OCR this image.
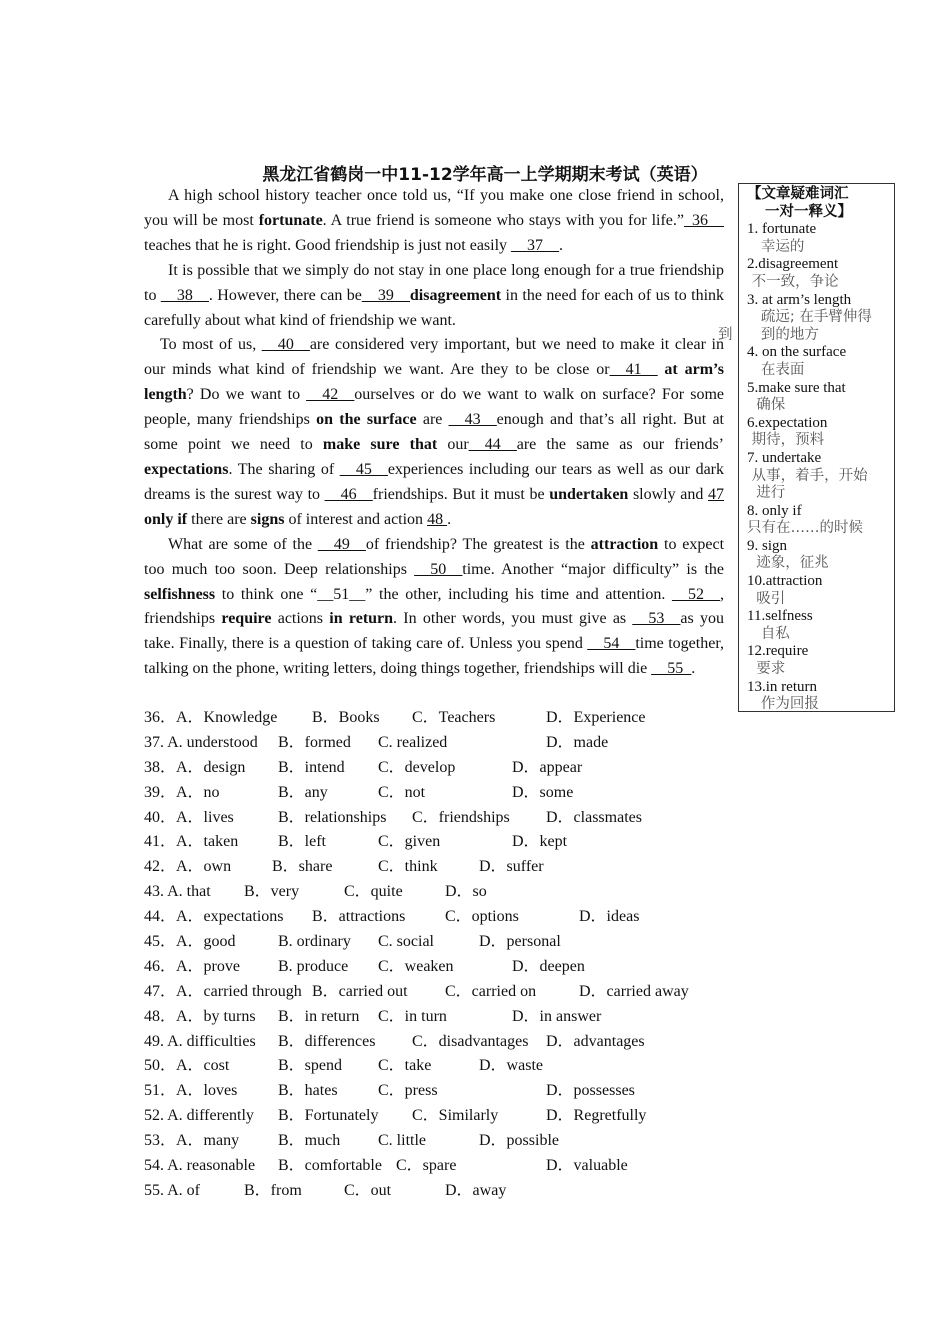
黑龙江省鹤岗一中11-12学年高一上学期期末考试（英语）

A high school history teacher once told us, “If you make one close friend in school, you will be most fortunate. A true friend is someone who stays with you for life.”_36__ teaches that he is right. Good friendship is just not easily __37__.

It is possible that we simply do not stay in one place long enough for a true friendship to __38__. However, there can be__39__disagreement in the need for each of us to think carefully about what kind of friendship we want.

To most of us, __40__are considered very important, but we need to make it clear in our minds what kind of friendship we want. Are they to be close or__41__ at arm’s length? Do we want to __42__ourselves or do we want to walk on surface? For some people, many friendships on the surface are __43__enough and that’s all right. But at some point we need to make sure that our__44__are the same as our friends’ expectations. The sharing of __45__experiences including our tears as well as our dark dreams is the surest way to __46__friendships. But it must be undertaken slowly and 47 only if there are signs of interest and action 48 .

What are some of the __49__of friendship? The greatest is the attraction to expect too much too soon. Deep relationships __50__time. Another “major difficulty” is the selfishness to think one “__51__” the other, including his time and attention. __52__, friendships require actions in return. In other words, you must give as __53__as you take. Finally, there is a question of taking care of. Unless you spend __54__time together, talking on the phone, writing letters, doing things together, friendships will die __55_.

36．A．Knowledge B．Books C．Teachers	D．Experience
37. A. understood B．formed C. realized	D．made
38．A．design B．intend C．develop	D．appear
39．A．no	B．any	C．not	D．some
40．A．lives	B．relationships C．friendships D．classmates
41．A．taken B．left	C．given	D．kept
42．A．own	B．share	C．think	D．suffer
43. A. that B．very	C．quite	D．so
44．A．expectations B．attractions C．options	D．ideas
45．A．good	B. ordinary C. social	D．personal
46．A．prove B. produce C．weaken	D．deepen
47．A．carried through B．carried out C．carried on	D．carried away
48．A．by turns B．in return C．in turn	D．in answer
49. A. difficulties B．differences C．disadvantages D．advantages
50．A．cost	B．spend C．take	D．waste
51．A．loves	B．hates	C．press	D．possesses
52. A. differently B．Fortunately C．Similarly	D．Regretfully
53．A．many B．much C. little	D．possible
54. A. reasonable B．comfortable C．spare	D．valuable
55. A. of	B．from	C．out	D．away
【文章疑难词汇
一对一释义】
1. fortunate
幸运的
2.disagreement
不一致，争论
3. at arm’s length
疏远; 在手臂伸得
到的地方
4. on the surface
在表面
5.make sure that
确保
6.expectation
期待，预料
7. undertake
从事，着手，开始
进行
8. only if
只有在……的时候
9. sign
迹象，征兆
10.attraction
吸引
11.selfness
自私
12.require
要求
13.in return
作为回报
到
